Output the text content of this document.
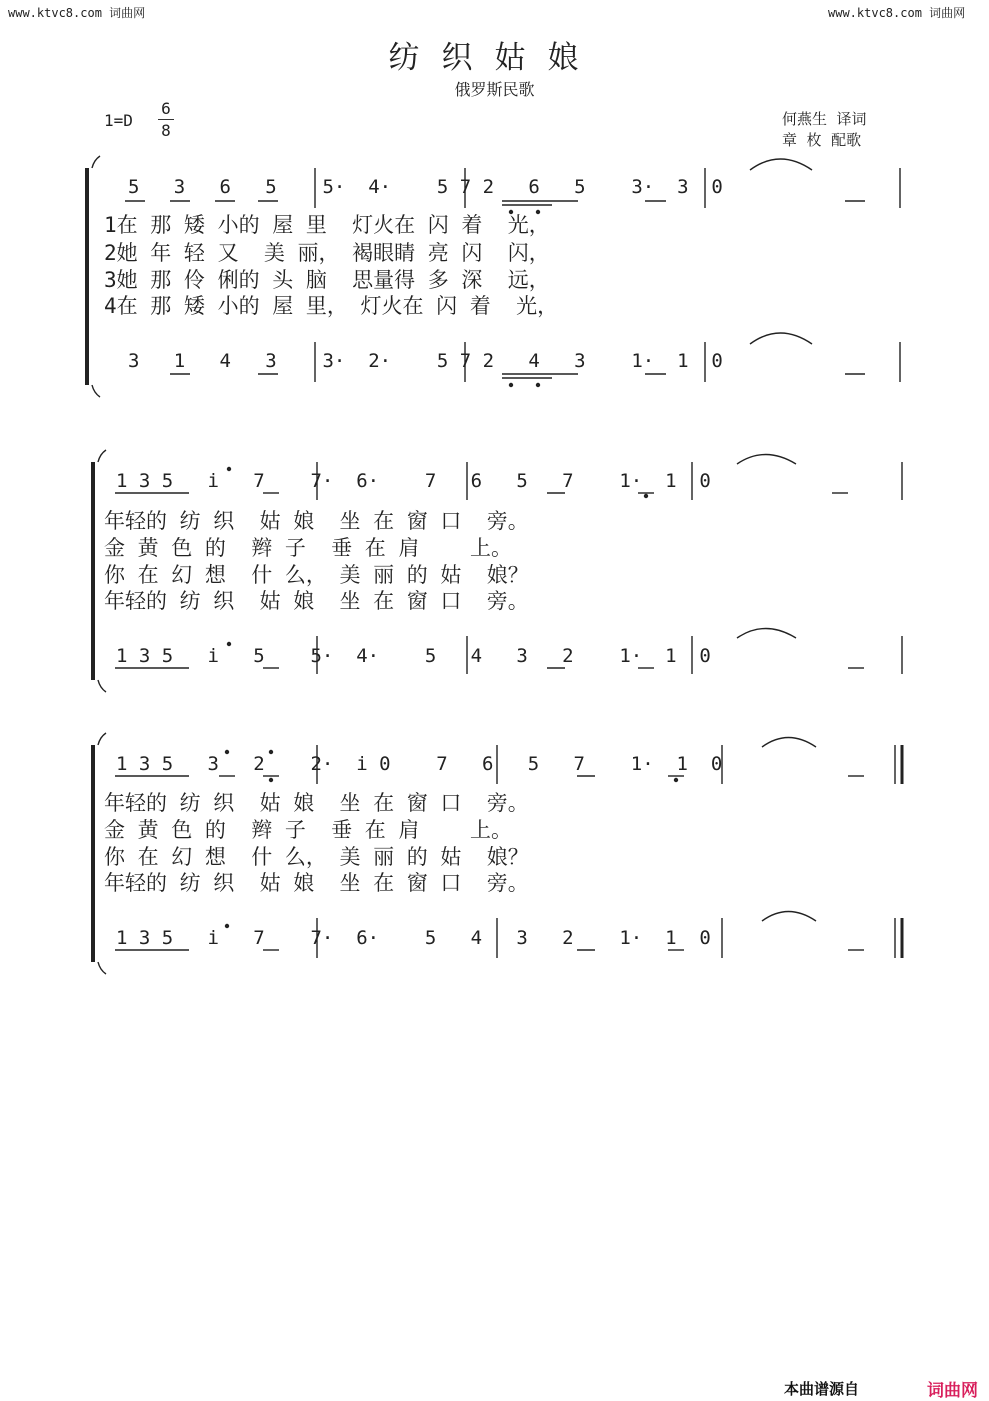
www.ktvc8.com 词曲网	www.ktvc8.com 词曲网
纺织姑娘
俄罗斯民歌
1=D
6
8
何燕生  译词
章  枚  配歌
5   3   6   5    5·  4·    5 7 2   6   5    3·  3  0
1在 那 矮 小的 屋 里  灯火在 闪 着  光，
2她 年 轻 又  美 丽， 褐眼睛 亮 闪  闪，
3她 那 伶 俐的 头 脑  思量得 多 深  远，
4在 那 矮 小的 屋 里， 灯火在 闪 着  光，
3   1   4   3    3·  2·    5 7 2   4   3    1·  1  0
1 3 5   i   7    7·  6·    7   6   5   7    1·  1  0
年轻的 纺 织  姑 娘  坐 在 窗 口  旁。
金 黄 色 的  辫 子  垂 在 肩    上。
你 在 幻 想  什 么， 美 丽 的 姑  娘？
年轻的 纺 织  姑 娘  坐 在 窗 口  旁。
1 3 5   i   5    5·  4·    5   4   3   2    1·  1  0
1 3 5   3   2    2·  i 0    7   6   5   7    1·  1  0
年轻的 纺 织  姑 娘  坐 在 窗 口  旁。
金 黄 色 的  辫 子  垂 在 肩    上。
你 在 幻 想  什 么， 美 丽 的 姑  娘？
年轻的 纺 织  姑 娘  坐 在 窗 口  旁。
1 3 5   i   7    7·  6·    5   4   3   2    1·  1  0
本曲谱源自	词曲网
